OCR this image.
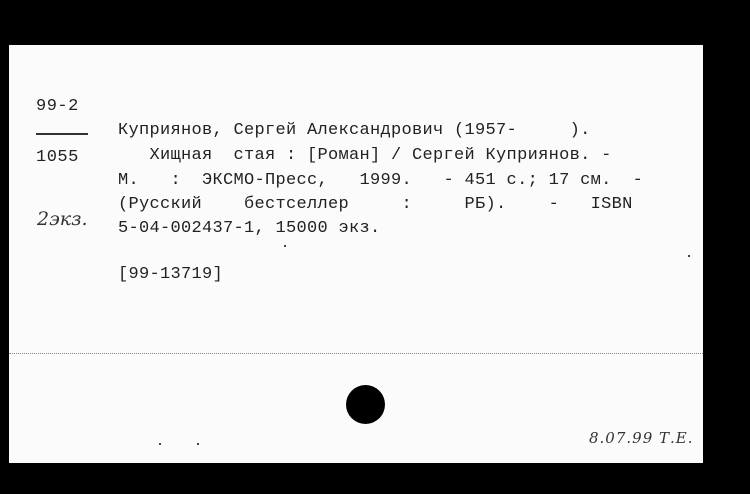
99-2
1055
2экз.
Куприянов, Сергей Александрович (1957-     ).
Хищная  стая : [Роман] / Сергей Куприянов. -
М.   :  ЭКСМО-Пресс,   1999.   - 451 с.; 17 см.  -
(Русский    бестселлер     :     РБ).    -   ISBN
5-04-002437-1, 15000 экз.
[99-13719]
8.07.99 Т.Е.
